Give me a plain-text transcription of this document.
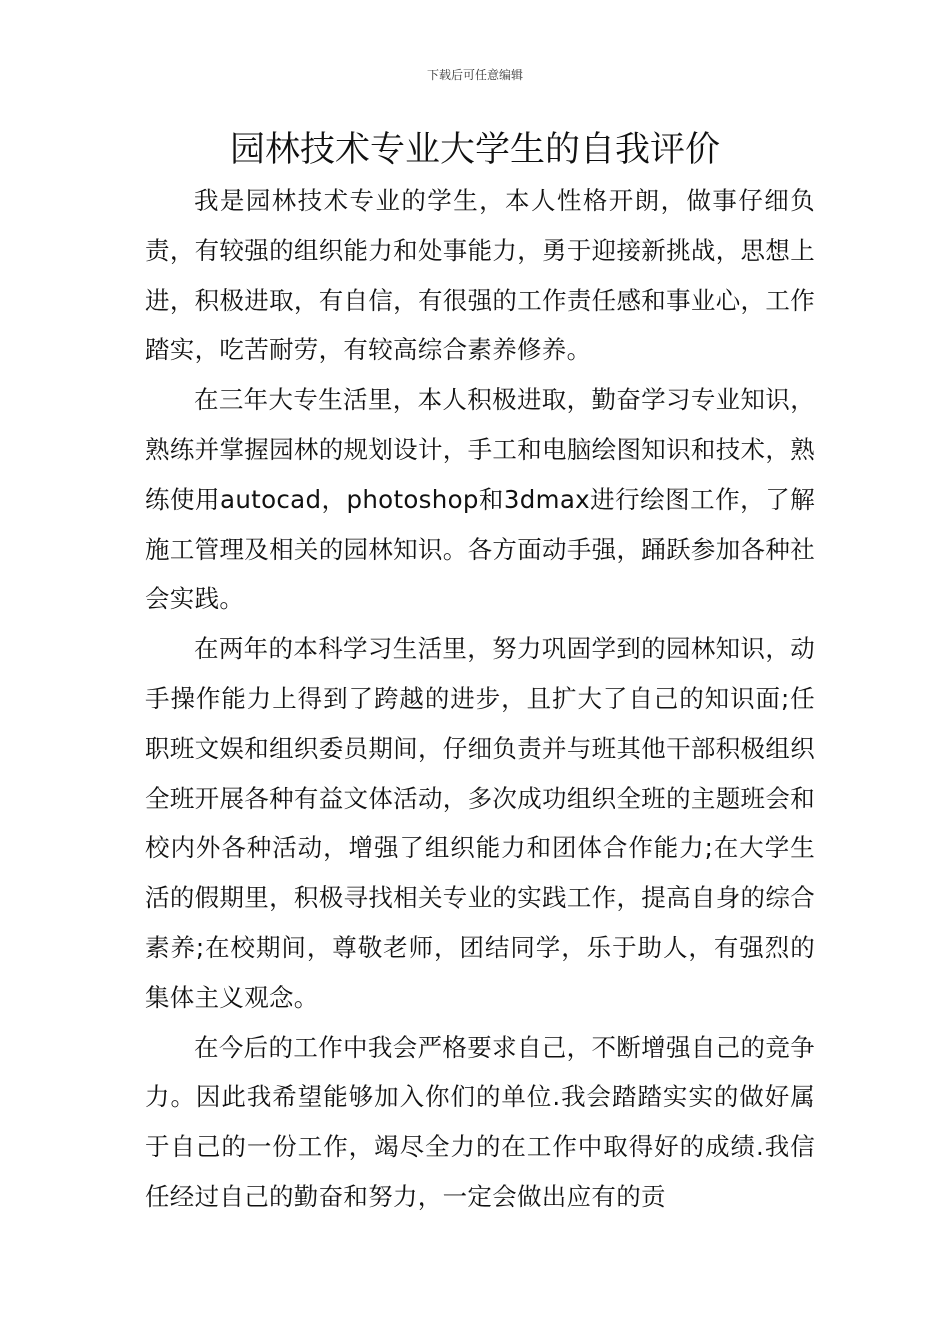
下载后可任意编辑
园林技术专业大学生的自我评价

我是园林技术专业的学生，本人性格开朗，做事仔细负责，有较强的组织能力和处事能力，勇于迎接新挑战，思想上进，积极进取，有自信，有很强的工作责任感和事业心，工作踏实，吃苦耐劳，有较高综合素养修养。

在三年大专生活里，本人积极进取，勤奋学习专业知识，熟练并掌握园林的规划设计，手工和电脑绘图知识和技术，熟练使用autocad，photoshop和3dmax进行绘图工作，了解施工管理及相关的园林知识。各方面动手强，踊跃参加各种社会实践。

在两年的本科学习生活里，努力巩固学到的园林知识，动手操作能力上得到了跨越的进步，且扩大了自己的知识面;任职班文娱和组织委员期间，仔细负责并与班其他干部积极组织全班开展各种有益文体活动，多次成功组织全班的主题班会和校内外各种活动，增强了组织能力和团体合作能力;在大学生活的假期里，积极寻找相关专业的实践工作，提高自身的综合素养;在校期间，尊敬老师，团结同学，乐于助人，有强烈的集体主义观念。

在今后的工作中我会严格要求自己，不断增强自己的竞争力。因此我希望能够加入你们的单位.我会踏踏实实的做好属于自己的一份工作，竭尽全力的在工作中取得好的成绩.我信任经过自己的勤奋和努力，一定会做出应有的贡
